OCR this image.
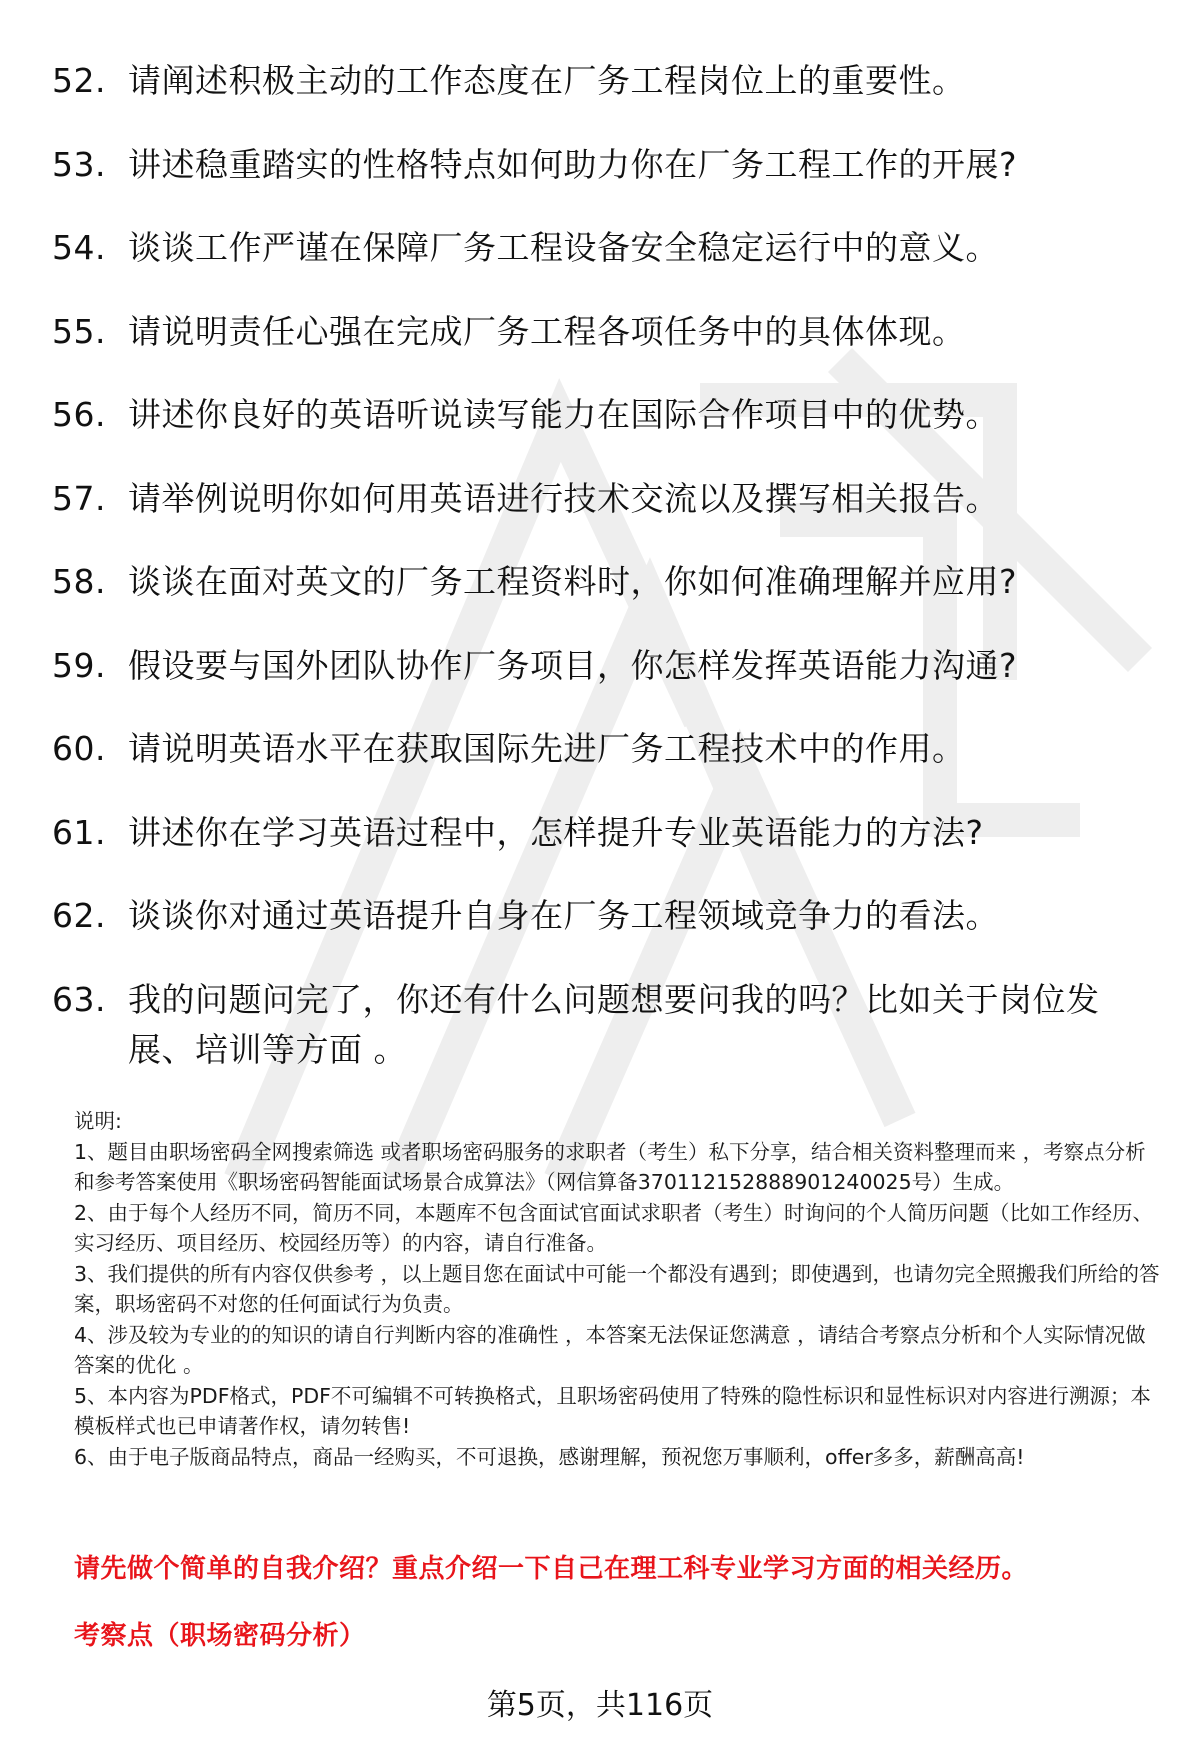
52. 请阐述积极主动的工作态度在厂务工程岗位上的重要性。
53. 讲述稳重踏实的性格特点如何助力你在厂务工程工作的开展?
54. 谈谈工作严谨在保障厂务工程设备安全稳定运行中的意义。
55. 请说明责任心强在完成厂务工程各项任务中的具体体现。
56. 讲述你良好的英语听说读写能力在国际合作项目中的优势。
57. 请举例说明你如何用英语进行技术交流以及撰写相关报告。
58. 谈谈在面对英文的厂务工程资料时，你如何准确理解并应用?
59. 假设要与国外团队协作厂务项目，你怎样发挥英语能力沟通?
60. 请说明英语水平在获取国际先进厂务工程技术中的作用。
61. 讲述你在学习英语过程中，怎样提升专业英语能力的方法?
62. 谈谈你对通过英语提升自身在厂务工程领域竞争力的看法。
63. 我的问题问完了，你还有什么问题想要问我的吗？比如关于岗位发展、培训等方面 。

说明:

1、题目由职场密码全网搜索筛选 或者职场密码服务的求职者（考生）私下分享，结合相关资料整理而来 ，考察点分析和参考答案使用《职场密码智能面试场景合成算法》（网信算备370112152888901240025号）生成。

2、由于每个人经历不同，简历不同，本题库不包含面试官面试求职者（考生）时询问的个人简历问题（比如工作经历、实习经历、项目经历、校园经历等）的内容，请自行准备。

3、我们提供的所有内容仅供参考 ，以上题目您在面试中可能一个都没有遇到；即使遇到，也请勿完全照搬我们所给的答案，职场密码不对您的任何面试行为负责。

4、涉及较为专业的的知识的请自行判断内容的准确性 ，本答案无法保证您满意 ，请结合考察点分析和个人实际情况做答案的优化 。

5、本内容为PDF格式，PDF不可编辑不可转换格式，且职场密码使用了特殊的隐性标识和显性标识对内容进行溯源；本模板样式也已申请著作权，请勿转售!

6、由于电子版商品特点，商品一经购买，不可退换，感谢理解，预祝您万事顺利，offer多多，薪酬高高!

请先做个简单的自我介绍？重点介绍一下自己在理工科专业学习方面的相关经历。
考察点（职场密码分析）
第5页，共116页
